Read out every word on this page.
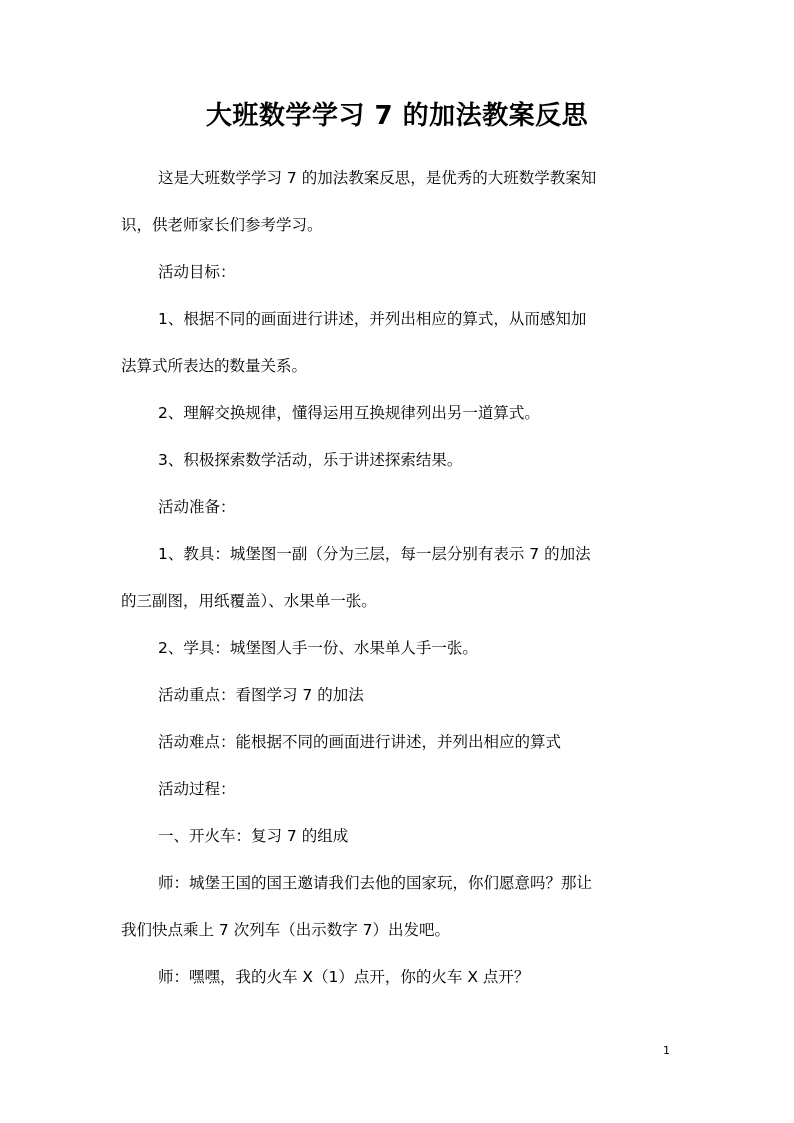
大班数学学习 7 的加法教案反思

这是大班数学学习 7 的加法教案反思，是优秀的大班数学教案知
识，供老师家长们参考学习。

活动目标：

1、根据不同的画面进行讲述，并列出相应的算式，从而感知加
法算式所表达的数量关系。

2、理解交换规律，懂得运用互换规律列出另一道算式。

3、积极探索数学活动，乐于讲述探索结果。

活动准备：

1、教具：城堡图一副（分为三层，每一层分别有表示 7 的加法
的三副图，用纸覆盖）、水果单一张。

2、学具：城堡图人手一份、水果单人手一张。

活动重点：看图学习 7 的加法

活动难点：能根据不同的画面进行讲述，并列出相应的算式

活动过程：

一、开火车：复习 7 的组成

师：城堡王国的国王邀请我们去他的国家玩，你们愿意吗？那让
我们快点乘上 7 次列车（出示数字 7）出发吧。

师：嘿嘿，我的火车 X（1）点开，你的火车 X 点开？

1
